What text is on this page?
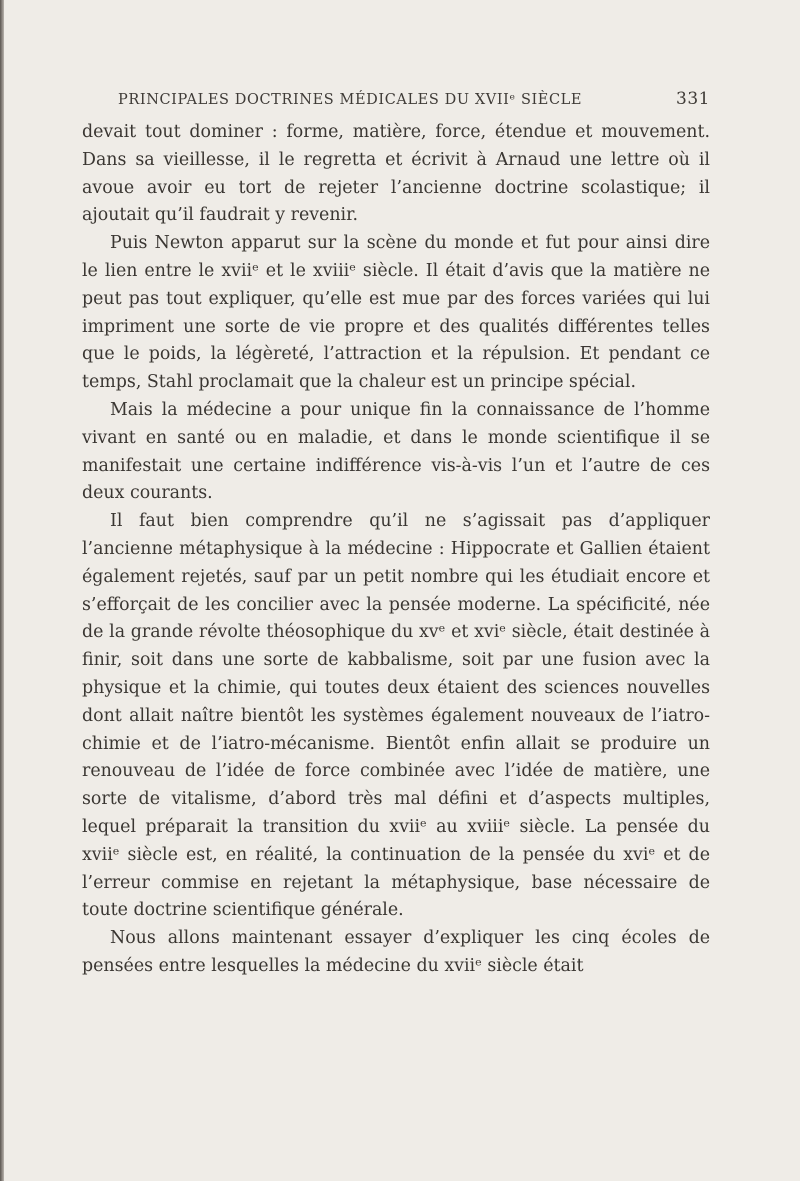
PRINCIPALES DOCTRINES MÉDICALES DU XVIIᵉ SIÈCLE	331

devait tout dominer : forme, matière, force, étendue et mouvement. Dans sa vieillesse, il le regretta et écrivit à Arnaud une lettre où il avoue avoir eu tort de rejeter l’ancienne doctrine scolastique; il ajoutait qu’il faudrait y revenir.

Puis Newton apparut sur la scène du monde et fut pour ainsi dire le lien entre le xviiᵉ et le xviiiᵉ siècle. Il était d’avis que la matière ne peut pas tout expliquer, qu’elle est mue par des forces variées qui lui impriment une sorte de vie propre et des qualités différentes telles que le poids, la légèreté, l’attraction et la répulsion. Et pendant ce temps, Stahl proclamait que la chaleur est un principe spécial.

Mais la médecine a pour unique fin la connaissance de l’homme vivant en santé ou en maladie, et dans le monde scientifique il se manifestait une certaine indifférence vis-à-vis l’un et l’autre de ces deux courants.

Il faut bien comprendre qu’il ne s’agissait pas d’appliquer l’ancienne métaphysique à la médecine : Hippocrate et Gallien étaient également rejetés, sauf par un petit nombre qui les étudiait encore et s’efforçait de les concilier avec la pensée moderne. La spécificité, née de la grande révolte théosophique du xvᵉ et xviᵉ siècle, était destinée à finir, soit dans une sorte de kabbalisme, soit par une fusion avec la physique et la chimie, qui toutes deux étaient des sciences nouvelles dont allait naître bientôt les systèmes également nouveaux de l’iatro-chimie et de l’iatro-mécanisme. Bientôt enfin allait se produire un renouveau de l’idée de force combinée avec l’idée de matière, une sorte de vitalisme, d’abord très mal défini et d’aspects multiples, lequel préparait la transition du xviiᵉ au xviiiᵉ siècle. La pensée du xviiᵉ siècle est, en réalité, la continuation de la pensée du xviᵉ et de l’erreur commise en rejetant la métaphysique, base nécessaire de toute doctrine scientifique générale.

Nous allons maintenant essayer d’expliquer les cinq écoles de pensées entre lesquelles la médecine du xviiᵉ siècle était
